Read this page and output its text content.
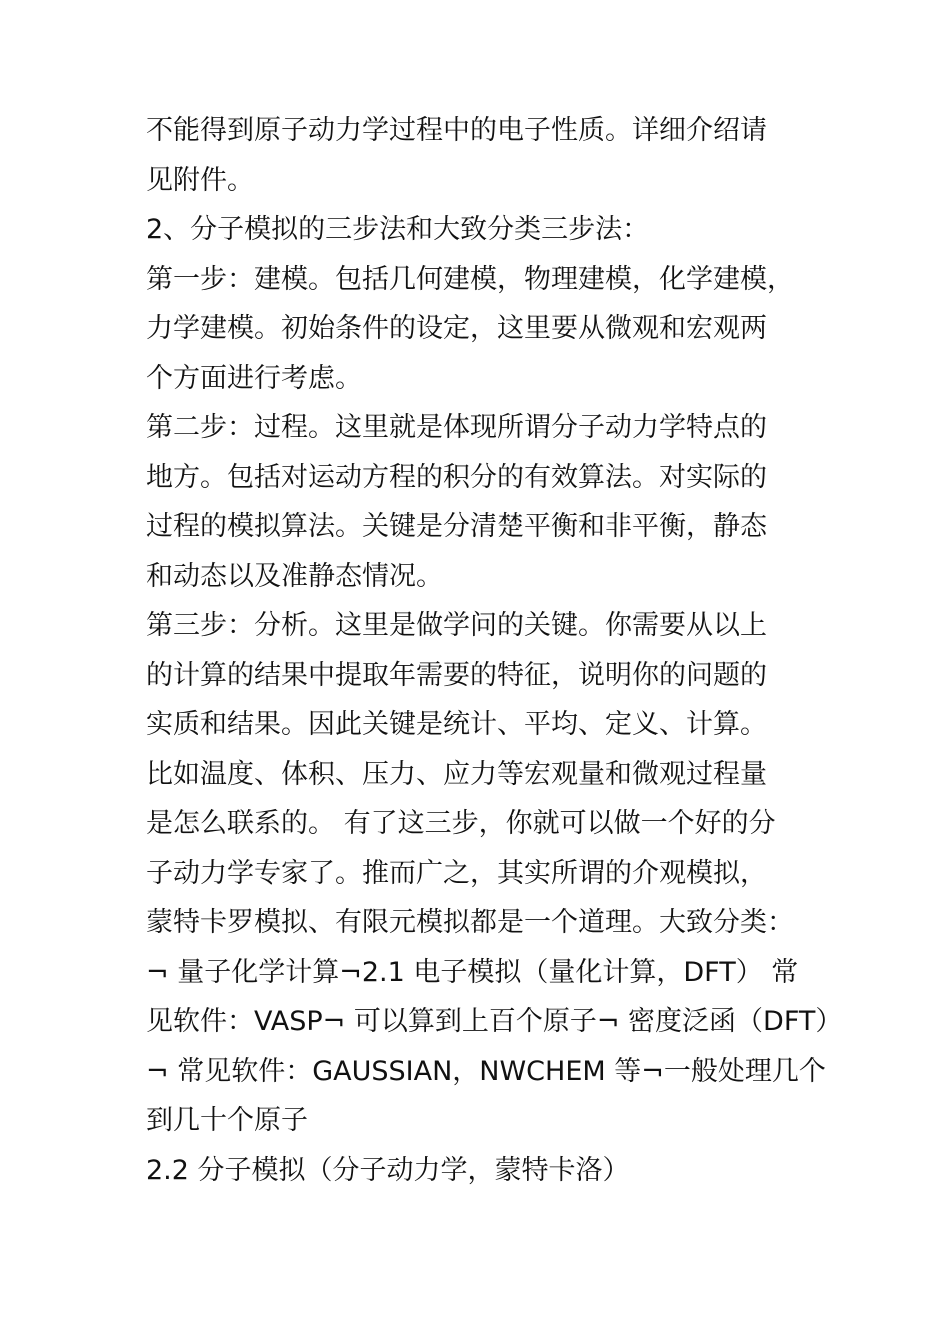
不能得到原子动力学过程中的电子性质。详细介绍请
见附件。
2、分子模拟的三步法和大致分类三步法：
第一步：建模。包括几何建模，物理建模，化学建模，
力学建模。初始条件的设定，这里要从微观和宏观两
个方面进行考虑。
第二步：过程。这里就是体现所谓分子动力学特点的
地方。包括对运动方程的积分的有效算法。对实际的
过程的模拟算法。关键是分清楚平衡和非平衡，静态
和动态以及准静态情况。
第三步：分析。这里是做学问的关键。你需要从以上
的计算的结果中提取年需要的特征，说明你的问题的
实质和结果。因此关键是统计、平均、定义、计算。
比如温度、体积、压力、应力等宏观量和微观过程量
是怎么联系的。 有了这三步，你就可以做一个好的分
子动力学专家了。推而广之，其实所谓的介观模拟，
蒙特卡罗模拟、有限元模拟都是一个道理。大致分类：
¬ 量子化学计算¬2.1 电子模拟（量化计算，DFT） 常
见软件：VASP¬ 可以算到上百个原子¬ 密度泛函（DFT）
¬ 常见软件：GAUSSIAN，NWCHEM 等¬一般处理几个
到几十个原子
2.2 分子模拟（分子动力学，蒙特卡洛）
